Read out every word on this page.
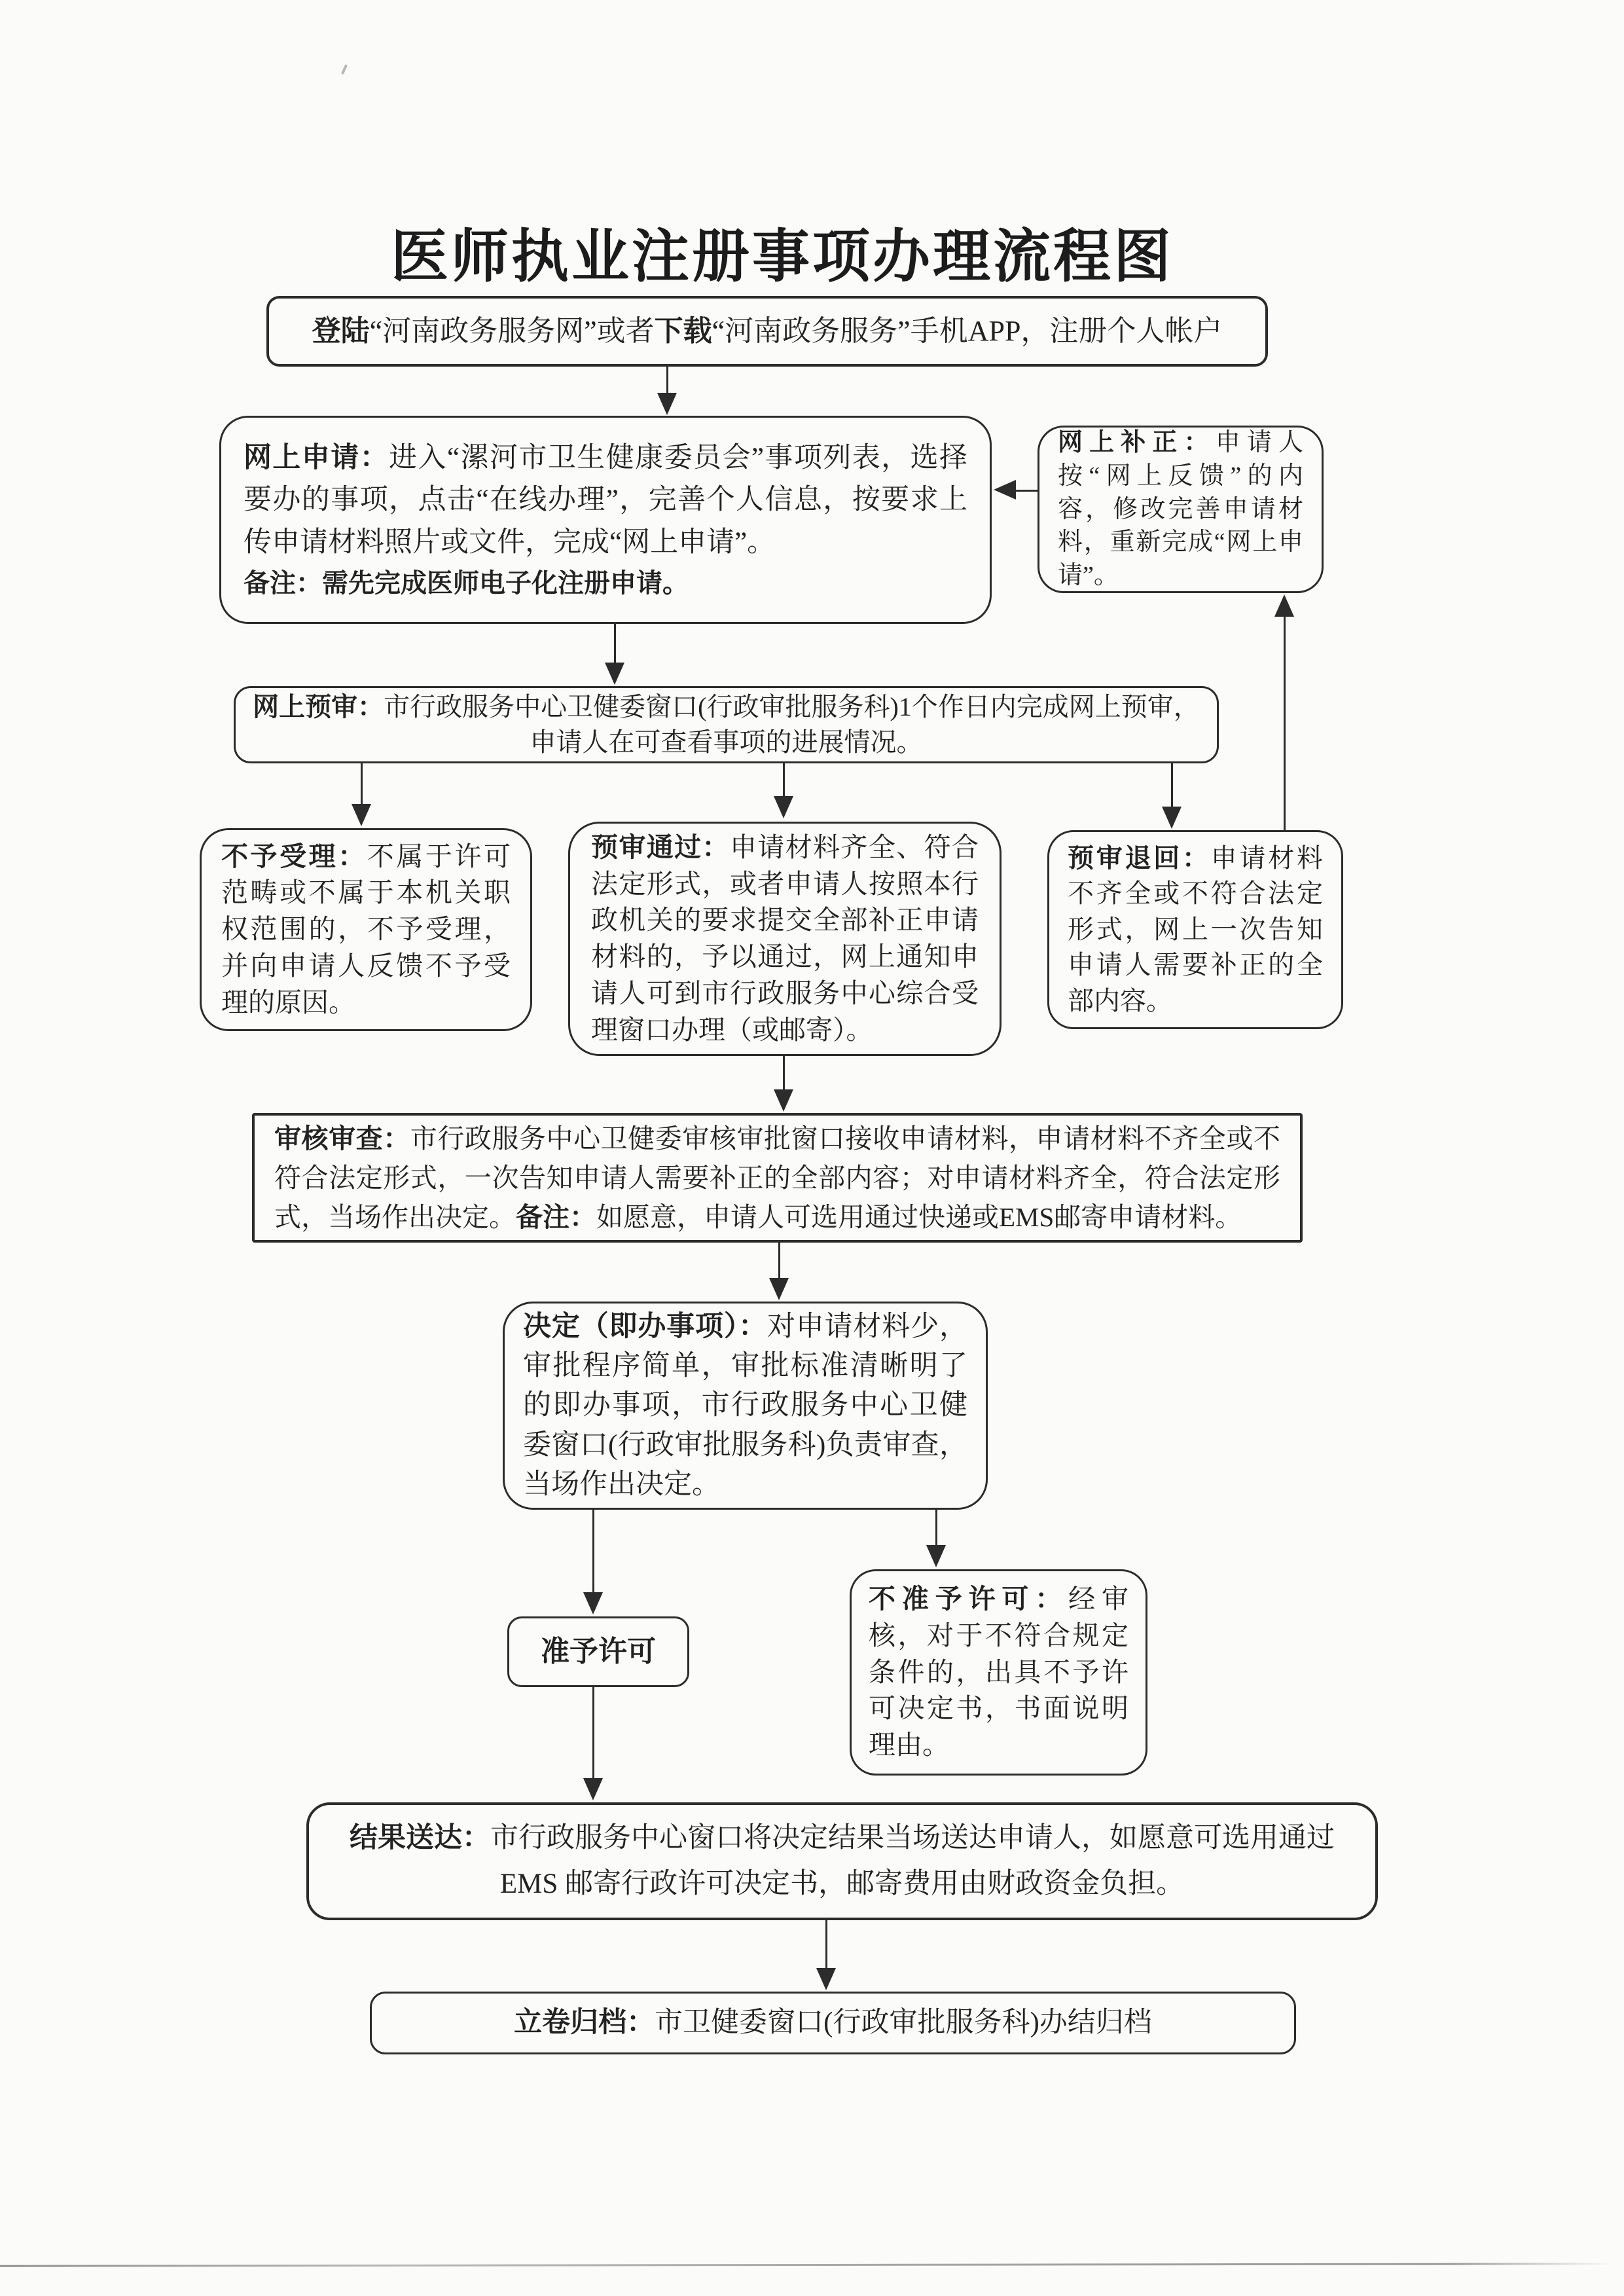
医师执业注册事项办理流程图

登陆“河南政务服务网”或者下载“河南政务服务”手机APP，注册个人帐户

网上申请：进入“漯河市卫生健康委员会”事项列表，选择要办的事项，点击“在线办理”，完善个人信息，按要求上传申请材料照片或文件，完成“网上申请”。

备注：需先完成医师电子化注册申请。

网上补正：申请人按“网上反馈”的内容，修改完善申请材料，重新完成“网上申请”。

网上预审：市行政服务中心卫健委窗口(行政审批服务科)1个作日内完成网上预审，申请人在可查看事项的进展情况。

不予受理：不属于许可范畴或不属于本机关职权范围的，不予受理，并向申请人反馈不予受理的原因。

预审通过：申请材料齐全、符合法定形式，或者申请人按照本行政机关的要求提交全部补正申请材料的，予以通过，网上通知申请人可到市行政服务中心综合受理窗口办理（或邮寄）。

预审退回：申请材料不齐全或不符合法定形式，网上一次告知申请人需要补正的全部内容。

审核审查：市行政服务中心卫健委审核审批窗口接收申请材料，申请材料不齐全或不符合法定形式，一次告知申请人需要补正的全部内容；对申请材料齐全，符合法定形式，当场作出决定。备注：如愿意，申请人可选用通过快递或EMS邮寄申请材料。

决定（即办事项）：对申请材料少，审批程序简单，审批标准清晰明了的即办事项，市行政服务中心卫健委窗口(行政审批服务科)负责审查，当场作出决定。

准予许可

不准予许可：经审核，对于不符合规定条件的，出具不予许可决定书，书面说明理由。

结果送达：市行政服务中心窗口将决定结果当场送达申请人，如愿意可选用通过 EMS 邮寄行政许可决定书，邮寄费用由财政资金负担。

立卷归档：市卫健委窗口(行政审批服务科)办结归档
